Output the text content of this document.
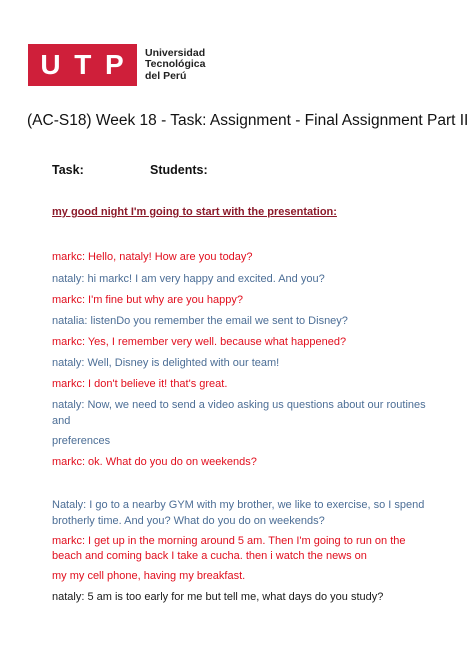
U T P Universidad
Tecnológica
del Perú
(AC-S18) Week 18 - Task: Assignment - Final Assignment Part II
Task:	Students:
my good night I'm going to start with the presentation:
markc: Hello, nataly! How are you today?
nataly: hi markc! I am very happy and excited. And you?
markc: I'm fine but why are you happy?
natalia: listenDo you remember the email we sent to Disney?
markc: Yes, I remember very well. because what happened?
nataly: Well, Disney is delighted with our team!
markc: I don't believe it! that's great.
nataly: Now, we need to send a video asking us questions about our routines
and
preferences
markc: ok. What do you do on weekends?
Nataly: I go to a nearby GYM with my brother, we like to exercise, so I spend
brotherly time. And you? What do you do on weekends?
markc: I get up in the morning around 5 am. Then I'm going to run on the
beach and coming back I take a cucha. then i watch the news on
my my cell phone, having my breakfast.
nataly: 5 am is too early for me but tell me, what days do you study?
